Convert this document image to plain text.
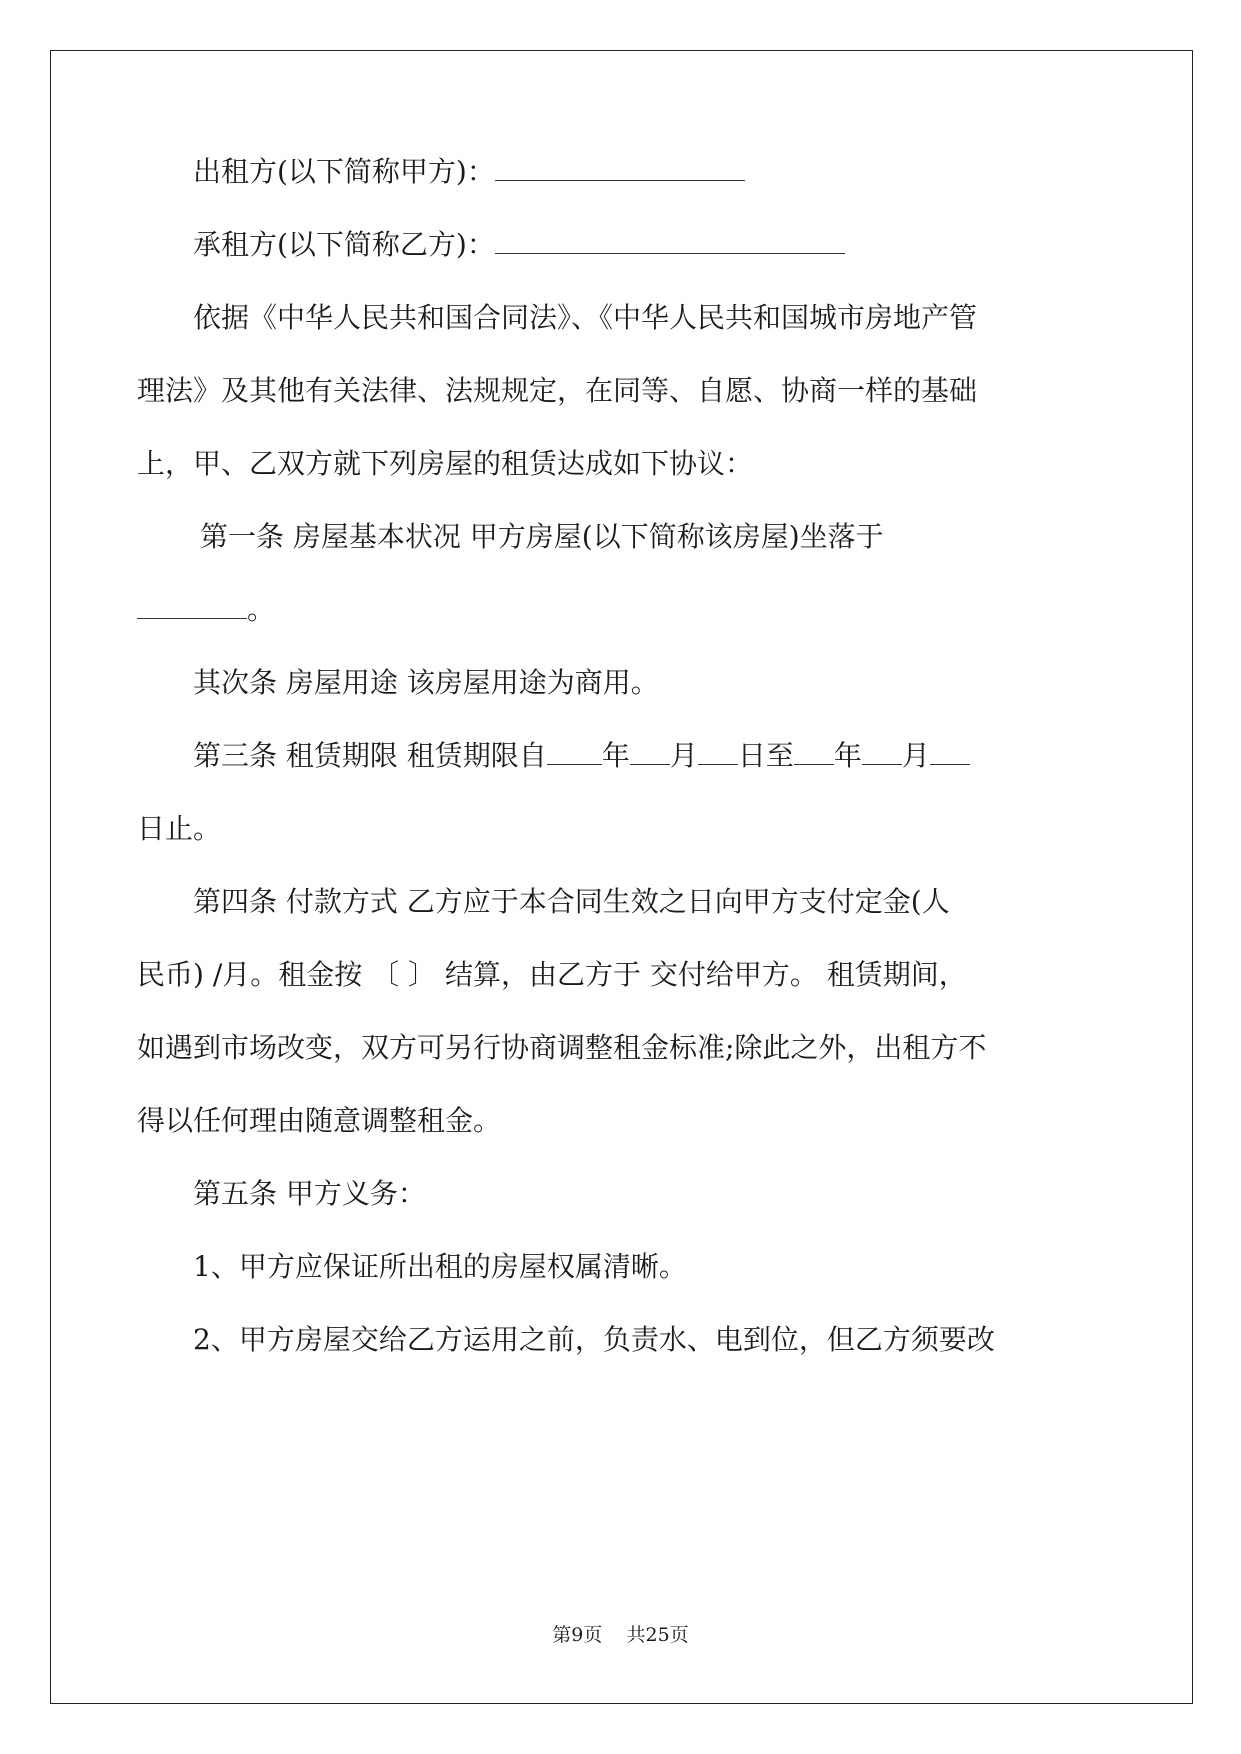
出租方(以下简称甲方)：
承租方(以下简称乙方)：
依据《中华人民共和国合同法》、《中华人民共和国城市房地产管
理法》及其他有关法律、法规规定，在同等、自愿、协商一样的基础
上，甲、乙双方就下列房屋的租赁达成如下协议：
第一条 房屋基本状况 甲方房屋(以下简称该房屋)坐落于
。
其次条 房屋用途 该房屋用途为商用。
第三条 租赁期限 租赁期限自 年 月 日至 年 月
日止。
第四条 付款方式 乙方应于本合同生效之日向甲方支付定金(人
民币) /月。租金按 〔 〕 结算，由乙方于 交付给甲方。 租赁期间，
如遇到市场改变，双方可另行协商调整租金标准;除此之外，出租方不
得以任何理由随意调整租金。
第五条 甲方义务：
1、甲方应保证所出租的房屋权属清晰。
2、甲方房屋交给乙方运用之前，负责水、电到位，但乙方须要改
第9页 共25页
